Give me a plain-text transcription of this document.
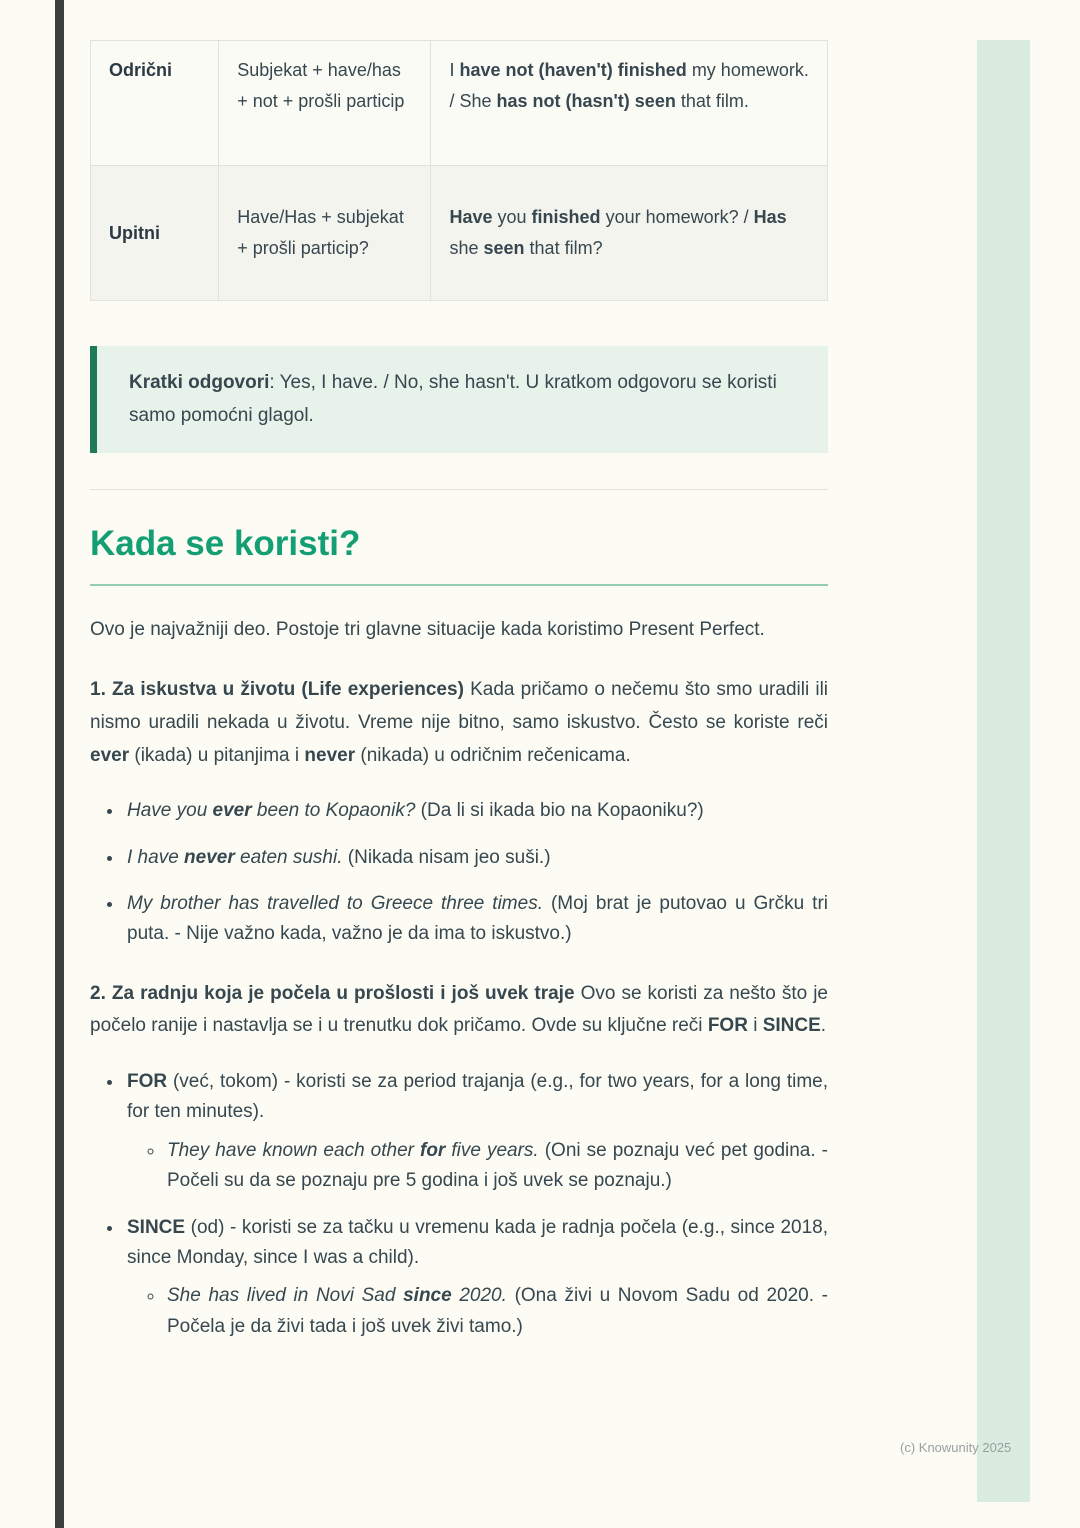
Odrični	Subjekat + have/has + not + prošli particip	I have not (haven't) finished my homework. / She has not (hasn't) seen that film.
Upitni	Have/Has + subjekat + prošli particip?	Have you finished your homework? / Has she seen that film?
Kratki odgovori: Yes, I have. / No, she hasn't. U kratkom odgovoru se koristi samo pomoćni glagol.
Kada se koristi?

Ovo je najvažniji deo. Postoje tri glavne situacije kada koristimo Present Perfect.

1. Za iskustva u životu (Life experiences) Kada pričamo o nečemu što smo uradili ili nismo uradili nekada u životu. Vreme nije bitno, samo iskustvo. Često se koriste reči ever (ikada) u pitanjima i never (nikada) u odričnim rečenicama.

• Have you ever been to Kopaonik? (Da li si ikada bio na Kopaoniku?)
• I have never eaten sushi. (Nikada nisam jeo suši.)
• My brother has travelled to Greece three times. (Moj brat je putovao u Grčku tri puta. - Nije važno kada, važno je da ima to iskustvo.)

2. Za radnju koja je počela u prošlosti i još uvek traje Ovo se koristi za nešto što je počelo ranije i nastavlja se i u trenutku dok pričamo. Ovde su ključne reči FOR i SINCE.

• FOR (već, tokom) - koristi se za period trajanja (e.g., for two years, for a long time, for ten minutes).
◦ They have known each other for five years. (Oni se poznaju već pet godina. - Počeli su da se poznaju pre 5 godina i još uvek se poznaju.)
• SINCE (od) - koristi se za tačku u vremenu kada je radnja počela (e.g., since 2018, since Monday, since I was a child).
◦ She has lived in Novi Sad since 2020. (Ona živi u Novom Sadu od 2020. - Počela je da živi tada i još uvek živi tamo.)
(c) Knowunity 2025
